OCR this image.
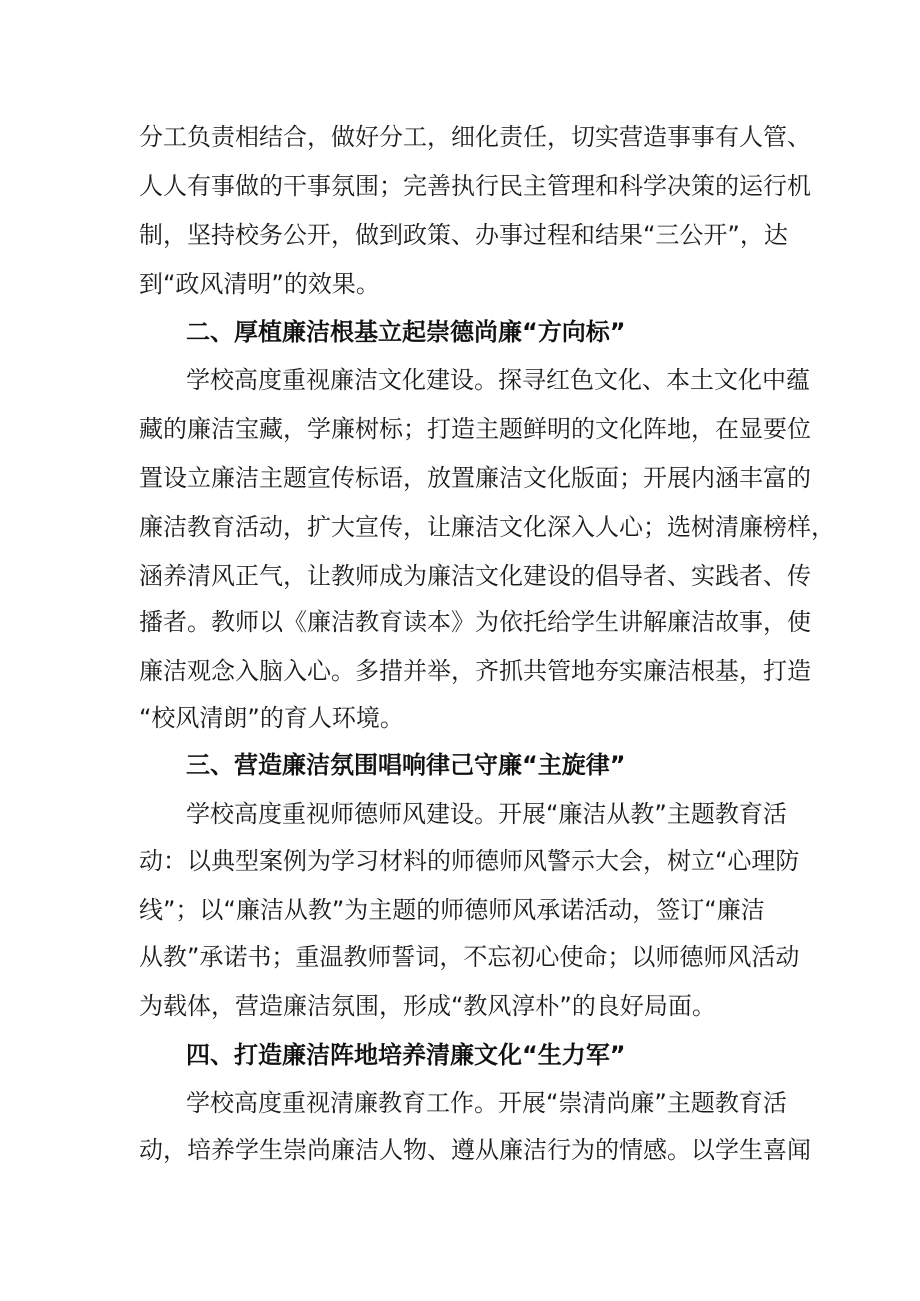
分工负责相结合，做好分工，细化责任，切实营造事事有人管、
人人有事做的干事氛围；完善执行民主管理和科学决策的运行机
制，坚持校务公开，做到政策、办事过程和结果“三公开”，达
到“政风清明”的效果。
二、厚植廉洁根基立起崇德尚廉“方向标”
学校高度重视廉洁文化建设。探寻红色文化、本土文化中蕴
藏的廉洁宝藏，学廉树标；打造主题鲜明的文化阵地，在显要位
置设立廉洁主题宣传标语，放置廉洁文化版面；开展内涵丰富的
廉洁教育活动，扩大宣传，让廉洁文化深入人心；选树清廉榜样，
涵养清风正气，让教师成为廉洁文化建设的倡导者、实践者、传
播者。教师以《廉洁教育读本》为依托给学生讲解廉洁故事，使
廉洁观念入脑入心。多措并举，齐抓共管地夯实廉洁根基，打造
“校风清朗”的育人环境。
三、营造廉洁氛围唱响律己守廉“主旋律”
学校高度重视师德师风建设。开展“廉洁从教”主题教育活
动：以典型案例为学习材料的师德师风警示大会，树立“心理防
线”；以“廉洁从教”为主题的师德师风承诺活动，签订“廉洁
从教”承诺书；重温教师誓词，不忘初心使命；以师德师风活动
为载体，营造廉洁氛围，形成“教风淳朴”的良好局面。
四、打造廉洁阵地培养清廉文化“生力军”
学校高度重视清廉教育工作。开展“崇清尚廉”主题教育活
动，培养学生崇尚廉洁人物、遵从廉洁行为的情感。以学生喜闻
